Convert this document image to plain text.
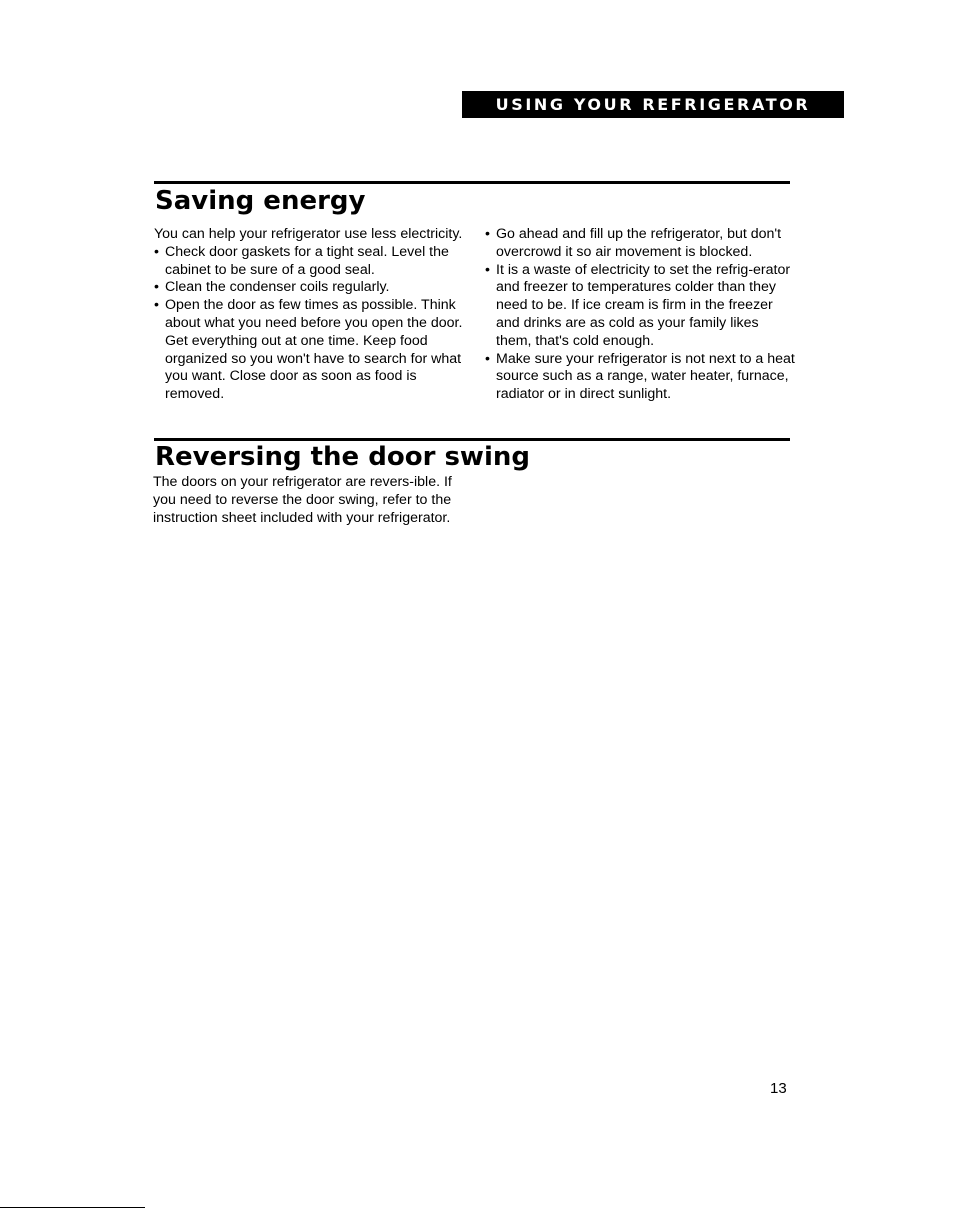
USING YOUR REFRIGERATOR
Saving energy

You can help your refrigerator use less electricity.

• Check door gaskets for a tight seal. Level the cabinet to be sure of a good seal.

• Clean the condenser coils regularly.

• Open the door as few times as possible. Think about what you need before you open the door. Get everything out at one time. Keep food organized so you won't have to search for what you want. Close door as soon as food is removed.

• Go ahead and fill up the refrigerator, but don't overcrowd it so air movement is blocked.

• It is a waste of electricity to set the refrig-erator and freezer to temperatures colder than they need to be. If ice cream is firm in the freezer and drinks are as cold as your family likes them, that's cold enough.

• Make sure your refrigerator is not next to a heat source such as a range, water heater, furnace, radiator or in direct sunlight.

Reversing the door swing

The doors on your refrigerator are revers-ible. If you need to reverse the door swing, refer to the instruction sheet included with your refrigerator.

13
